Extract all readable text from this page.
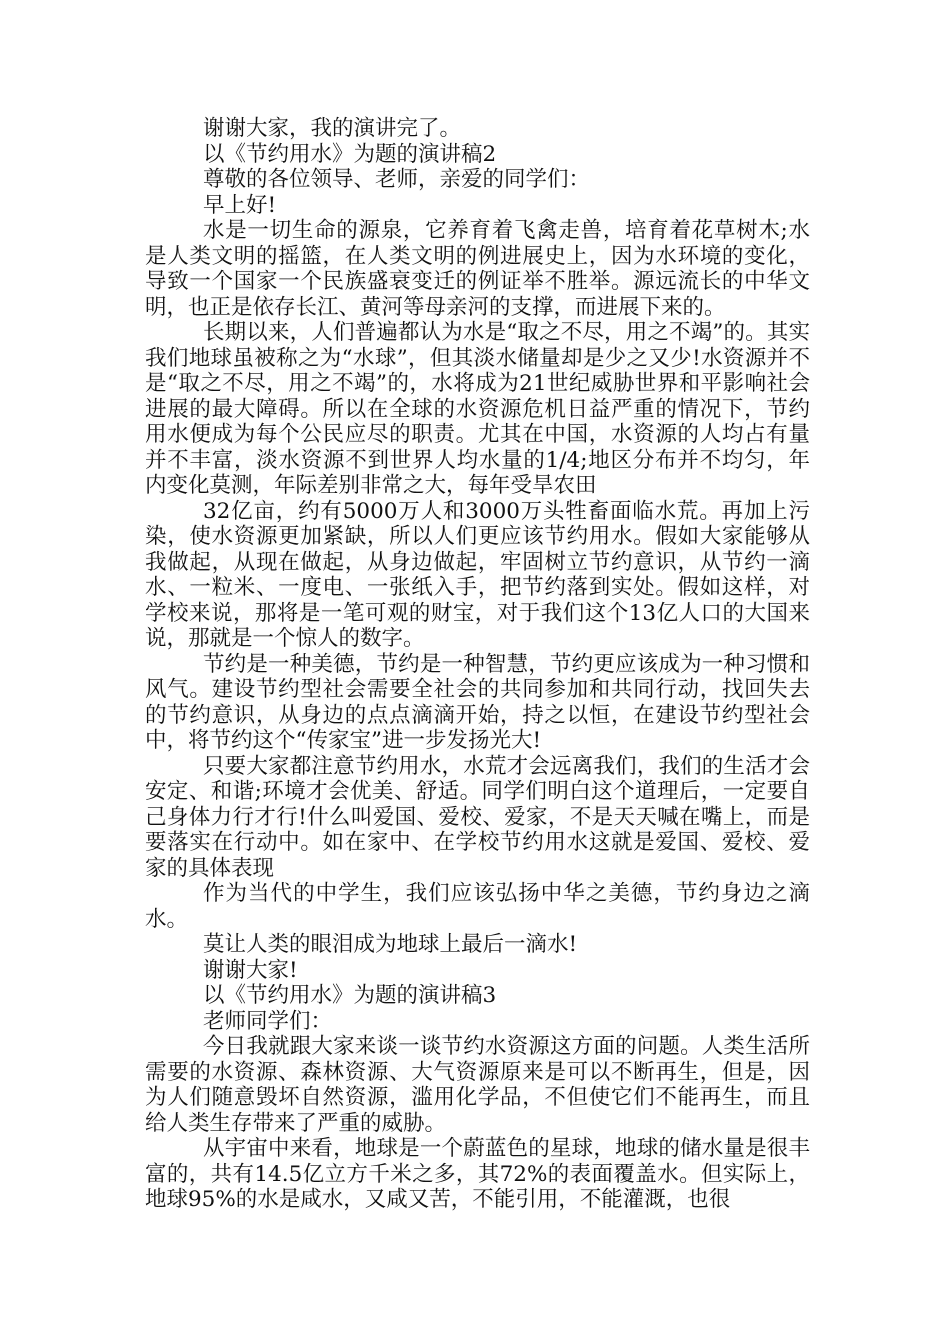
谢谢大家，我的演讲完了。

以《节约用水》为题的演讲稿2

尊敬的各位领导、老师，亲爱的同学们：

早上好!

水是一切生命的源泉，它养育着飞禽走兽，培育着花草树木;水是人类文明的摇篮，在人类文明的例进展史上，因为水环境的变化，导致一个国家一个民族盛衰变迁的例证举不胜举。源远流长的中华文明，也正是依存长江、黄河等母亲河的支撑，而进展下来的。

长期以来，人们普遍都认为水是“取之不尽，用之不竭”的。其实我们地球虽被称之为“水球”，但其淡水储量却是少之又少!水资源并不是“取之不尽，用之不竭”的，水将成为21世纪威胁世界和平影响社会进展的最大障碍。所以在全球的水资源危机日益严重的情况下，节约用水便成为每个公民应尽的职责。尤其在中国，水资源的人均占有量并不丰富，淡水资源不到世界人均水量的1/4;地区分布并不均匀，年内变化莫测，年际差别非常之大，每年受旱农田

32亿亩，约有5000万人和3000万头牲畜面临水荒。再加上污染，使水资源更加紧缺，所以人们更应该节约用水。假如大家能够从我做起，从现在做起，从身边做起，牢固树立节约意识，从节约一滴水、一粒米、一度电、一张纸入手，把节约落到实处。假如这样，对学校来说，那将是一笔可观的财宝，对于我们这个13亿人口的大国来说，那就是一个惊人的数字。

节约是一种美德，节约是一种智慧，节约更应该成为一种习惯和风气。建设节约型社会需要全社会的共同参加和共同行动，找回失去的节约意识，从身边的点点滴滴开始，持之以恒，在建设节约型社会中，将节约这个“传家宝”进一步发扬光大!

只要大家都注意节约用水，水荒才会远离我们，我们的生活才会安定、和谐;环境才会优美、舒适。同学们明白这个道理后，一定要自己身体力行才行!什么叫爱国、爱校、爱家，不是天天喊在嘴上，而是要落实在行动中。如在家中、在学校节约用水这就是爱国、爱校、爱家的具体表现

作为当代的中学生，我们应该弘扬中华之美德，节约身边之滴水。

莫让人类的眼泪成为地球上最后一滴水!

谢谢大家!

以《节约用水》为题的演讲稿3

老师同学们：

今日我就跟大家来谈一谈节约水资源这方面的问题。人类生活所需要的水资源、森林资源、大气资源原来是可以不断再生，但是，因为人们随意毁坏自然资源，滥用化学品，不但使它们不能再生，而且给人类生存带来了严重的威胁。

从宇宙中来看，地球是一个蔚蓝色的星球，地球的储水量是很丰富的，共有14.5亿立方千米之多，其72%的表面覆盖水。但实际上，地球95%的水是咸水，又咸又苦，不能引用，不能灌溉，也很
